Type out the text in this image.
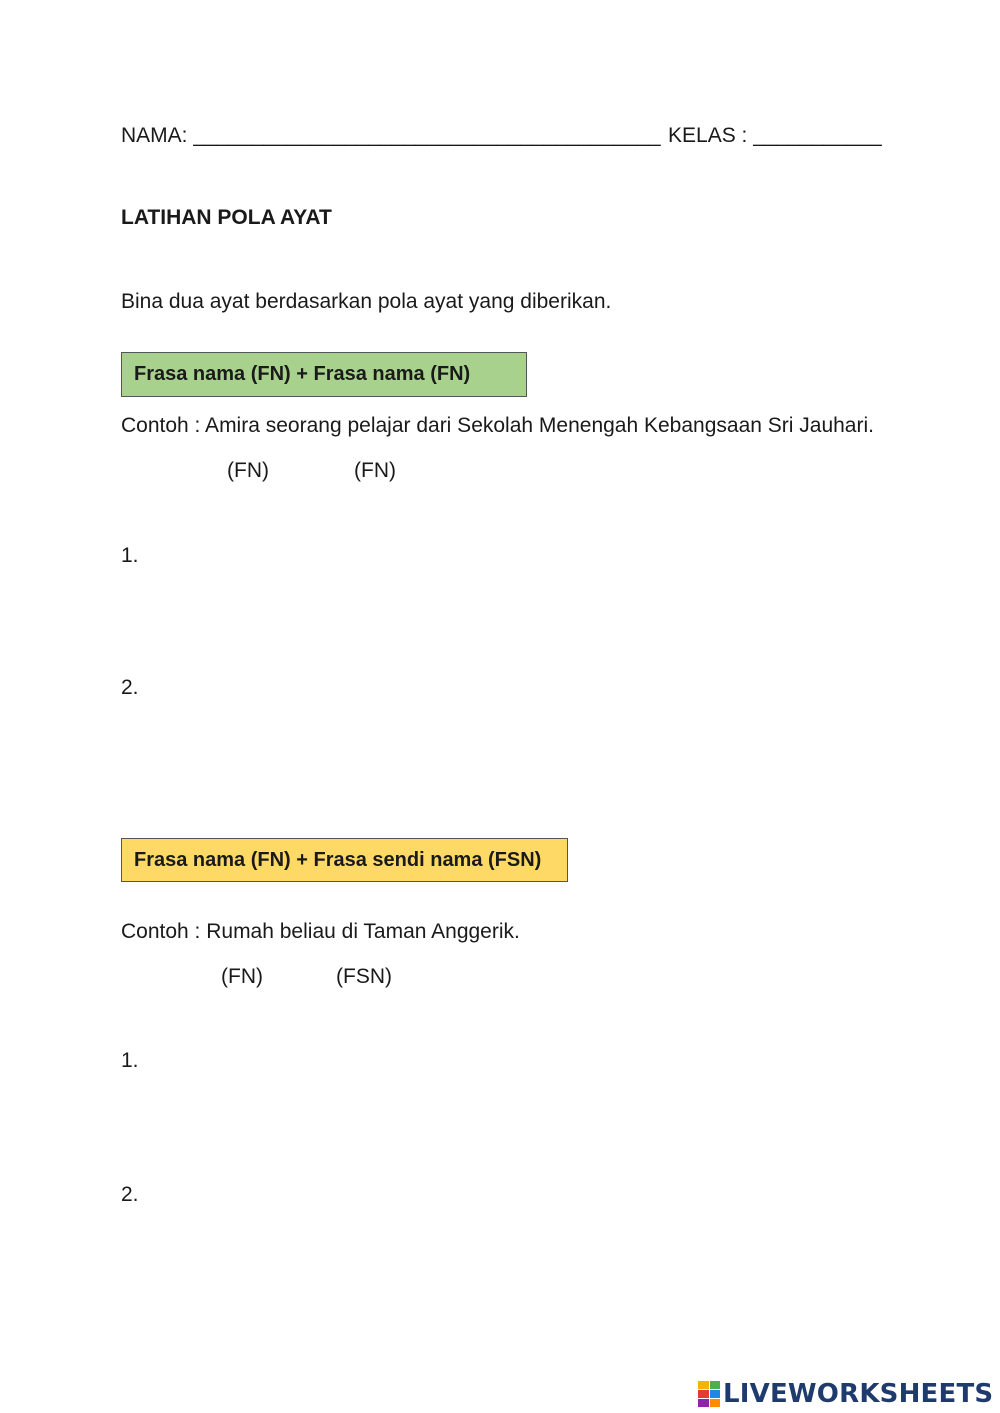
NAMA: ________________________________________ KELAS : ___________
LATIHAN POLA AYAT
Bina dua ayat berdasarkan pola ayat yang diberikan.
Frasa nama (FN) + Frasa nama (FN)
Contoh : Amira seorang pelajar dari Sekolah Menengah Kebangsaan Sri Jauhari.
(FN)	(FN)
1.
2.
Frasa nama (FN) + Frasa sendi nama (FSN)
Contoh : Rumah beliau di Taman Anggerik.
(FN)	(FSN)
1.
2.
LIVEWORKSHEETS
